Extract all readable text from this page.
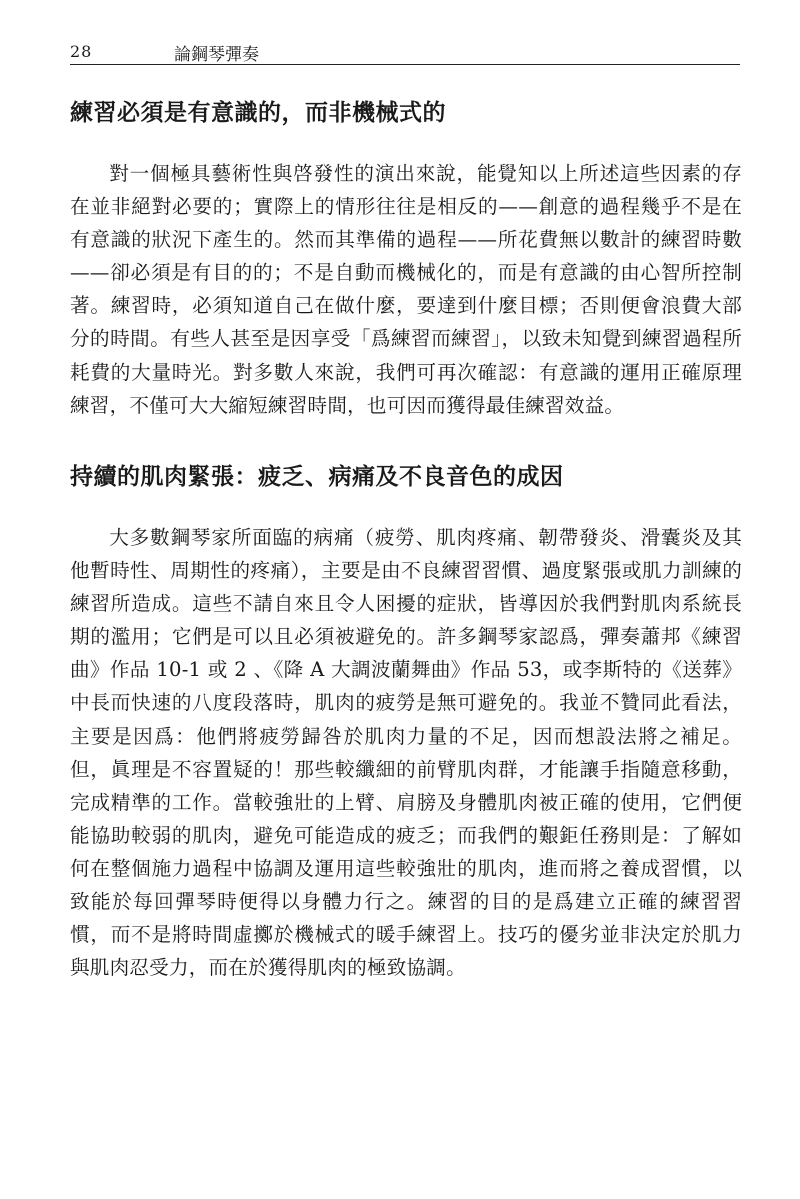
28	論鋼琴彈奏
練習必須是有意識的，而非機械式的

對一個極具藝術性與啓發性的演出來說，能覺知以上所述這些因素的存在並非絕對必要的；實際上的情形往往是相反的——創意的過程幾乎不是在有意識的狀況下產生的。然而其準備的過程——所花費無以數計的練習時數——卻必須是有目的的；不是自動而機械化的，而是有意識的由心智所控制著。練習時，必須知道自己在做什麼，要達到什麼目標；否則便會浪費大部分的時間。有些人甚至是因享受「爲練習而練習」，以致未知覺到練習過程所耗費的大量時光。對多數人來說，我們可再次確認：有意識的運用正確原理練習，不僅可大大縮短練習時間，也可因而獲得最佳練習效益。

持續的肌肉緊張：疲乏、病痛及不良音色的成因

大多數鋼琴家所面臨的病痛（疲勞、肌肉疼痛、韌帶發炎、滑囊炎及其他暫時性、周期性的疼痛），主要是由不良練習習慣、過度緊張或肌力訓練的練習所造成。這些不請自來且令人困擾的症狀，皆導因於我們對肌肉系統長期的濫用；它們是可以且必須被避免的。許多鋼琴家認爲，彈奏蕭邦《練習曲》作品 10-1 或 2 、《降 A 大調波蘭舞曲》作品 53，或李斯特的《送葬》中長而快速的八度段落時，肌肉的疲勞是無可避免的。我並不贊同此看法，主要是因爲：他們將疲勞歸咎於肌肉力量的不足，因而想設法將之補足。但，眞理是不容置疑的！那些較纖細的前臂肌肉群，才能讓手指隨意移動，完成精準的工作。當較強壯的上臂、肩膀及身體肌肉被正確的使用，它們便能協助較弱的肌肉，避免可能造成的疲乏；而我們的艱鉅任務則是：了解如何在整個施力過程中協調及運用這些較強壯的肌肉，進而將之養成習慣，以致能於每回彈琴時便得以身體力行之。練習的目的是爲建立正確的練習習慣，而不是將時間虛擲於機械式的暖手練習上。技巧的優劣並非決定於肌力與肌肉忍受力，而在於獲得肌肉的極致協調。
